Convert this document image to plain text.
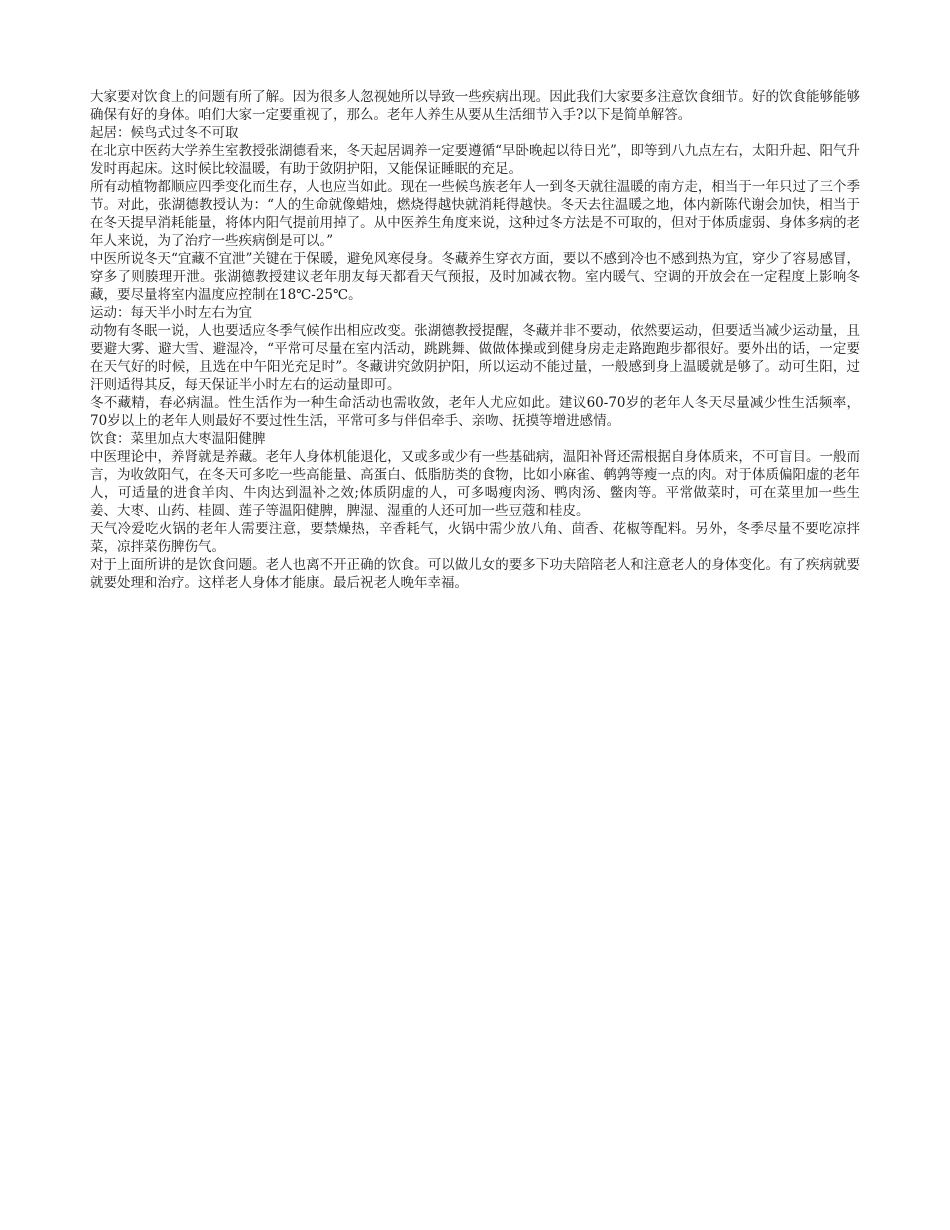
大家要对饮食上的问题有所了解。因为很多人忽视她所以导致一些疾病出现。因此我们大家要多注意饮食细节。好的饮食能够能够确保有好的身体。咱们大家一定要重视了，那么。老年人养生从要从生活细节入手?以下是简单解答。

起居：候鸟式过冬不可取

在北京中医药大学养生室教授张湖德看来，冬天起居调养一定要遵循“早卧晚起以待日光”，即等到八九点左右，太阳升起、阳气升发时再起床。这时候比较温暖，有助于敛阴护阳，又能保证睡眠的充足。

所有动植物都顺应四季变化而生存，人也应当如此。现在一些候鸟族老年人一到冬天就往温暖的南方走，相当于一年只过了三个季节。对此，张湖德教授认为：“人的生命就像蜡烛，燃烧得越快就消耗得越快。冬天去往温暖之地，体内新陈代谢会加快，相当于在冬天提早消耗能量，将体内阳气提前用掉了。从中医养生角度来说，这种过冬方法是不可取的，但对于体质虚弱、身体多病的老年人来说，为了治疗一些疾病倒是可以。”

中医所说冬天“宜藏不宜泄”关键在于保暖，避免风寒侵身。冬藏养生穿衣方面，要以不感到冷也不感到热为宜，穿少了容易感冒，穿多了则腠理开泄。张湖德教授建议老年朋友每天都看天气预报，及时加减衣物。室内暖气、空调的开放会在一定程度上影响冬藏，要尽量将室内温度应控制在18℃-25℃。

运动：每天半小时左右为宜

动物有冬眠一说，人也要适应冬季气候作出相应改变。张湖德教授提醒，冬藏并非不要动，依然要运动，但要适当减少运动量，且要避大雾、避大雪、避湿冷，“平常可尽量在室内活动，跳跳舞、做做体操或到健身房走走路跑跑步都很好。要外出的话，一定要在天气好的时候，且选在中午阳光充足时”。冬藏讲究敛阴护阳，所以运动不能过量，一般感到身上温暖就是够了。动可生阳，过汗则适得其反，每天保证半小时左右的运动量即可。

冬不藏精，春必病温。性生活作为一种生命活动也需收敛，老年人尤应如此。建议60-70岁的老年人冬天尽量减少性生活频率，70岁以上的老年人则最好不要过性生活，平常可多与伴侣牵手、亲吻、抚摸等增进感情。

饮食：菜里加点大枣温阳健脾

中医理论中，养肾就是养藏。老年人身体机能退化，又或多或少有一些基础病，温阳补肾还需根据自身体质来，不可盲目。一般而言，为收敛阳气，在冬天可多吃一些高能量、高蛋白、低脂肪类的食物，比如小麻雀、鹌鹑等瘦一点的肉。对于体质偏阳虚的老年人，可适量的进食羊肉、牛肉达到温补之效;体质阴虚的人，可多喝瘦肉汤、鸭肉汤、鳖肉等。平常做菜时，可在菜里加一些生姜、大枣、山药、桂圆、莲子等温阳健脾，脾湿、湿重的人还可加一些豆蔻和桂皮。

天气冷爱吃火锅的老年人需要注意，要禁燥热，辛香耗气，火锅中需少放八角、茴香、花椒等配料。另外，冬季尽量不要吃凉拌菜，凉拌菜伤脾伤气。

对于上面所讲的是饮食问题。老人也离不开正确的饮食。可以做儿女的要多下功夫陪陪老人和注意老人的身体变化。有了疾病就要就要处理和治疗。这样老人身体才能康。最后祝老人晚年幸福。
